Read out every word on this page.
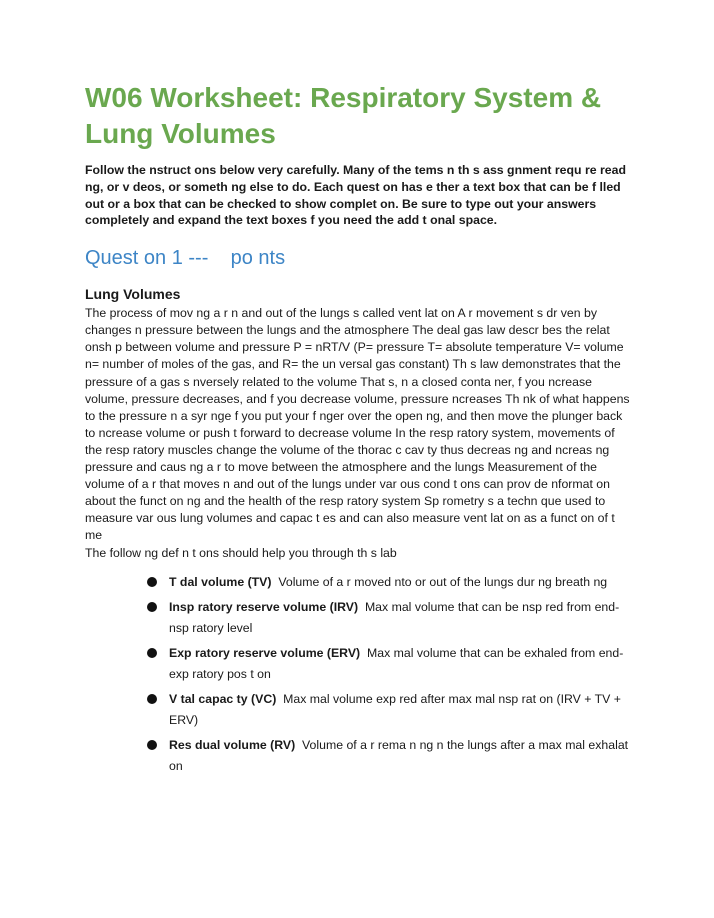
W06 Worksheet: Respiratory System & Lung Volumes

Follow the nstruct ons below very carefully. Many of the tems n th s ass gnment requ re read ng, or v deos, or someth ng else to do. Each quest on has e ther a text box that can be f lled out or a box that can be checked to show complet on. Be sure to type out your answers completely and expand the text boxes f you need the add t onal space.

Quest on 1 ---    po nts
Lung Volumes

The process of mov ng a r n and out of the lungs s called vent lat on A r movement s dr ven by changes n pressure between the lungs and the atmosphere The deal gas law descr bes the relat onsh p between volume and pressure P = nRT/V (P= pressure T= absolute temperature V= volume n= number of moles of the gas, and R= the un versal gas constant) Th s law demonstrates that the pressure of a gas s nversely related to the volume That s, n a closed conta ner, f you ncrease volume, pressure decreases, and f you decrease volume, pressure ncreases Th nk of what happens to the pressure n a syr nge f you put your f nger over the open ng, and then move the plunger back to ncrease volume or push t forward to decrease volume In the resp ratory system, movements of the resp ratory muscles change the volume of the thorac c cav ty thus decreas ng and ncreas ng pressure and caus ng a r to move between the atmosphere and the lungs Measurement of the volume of a r that moves n and out of the lungs under var ous cond t ons can prov de nformat on about the funct on ng and the health of the resp ratory system Sp rometry s a techn que used to measure var ous lung volumes and capac t es and can also measure vent lat on as a funct on of t me

The follow ng def n t ons should help you through th s lab

T dal volume (TV) Volume of a r moved nto or out of the lungs dur ng breath ng
Insp ratory reserve volume (IRV) Max mal volume that can be nsp red from end- nsp ratory level
Exp ratory reserve volume (ERV) Max mal volume that can be exhaled from end-exp ratory pos t on
V tal capac ty (VC) Max mal volume exp red after max mal nsp rat on (IRV + TV + ERV)
Res dual volume (RV) Volume of a r rema n ng n the lungs after a max mal exhalat on
